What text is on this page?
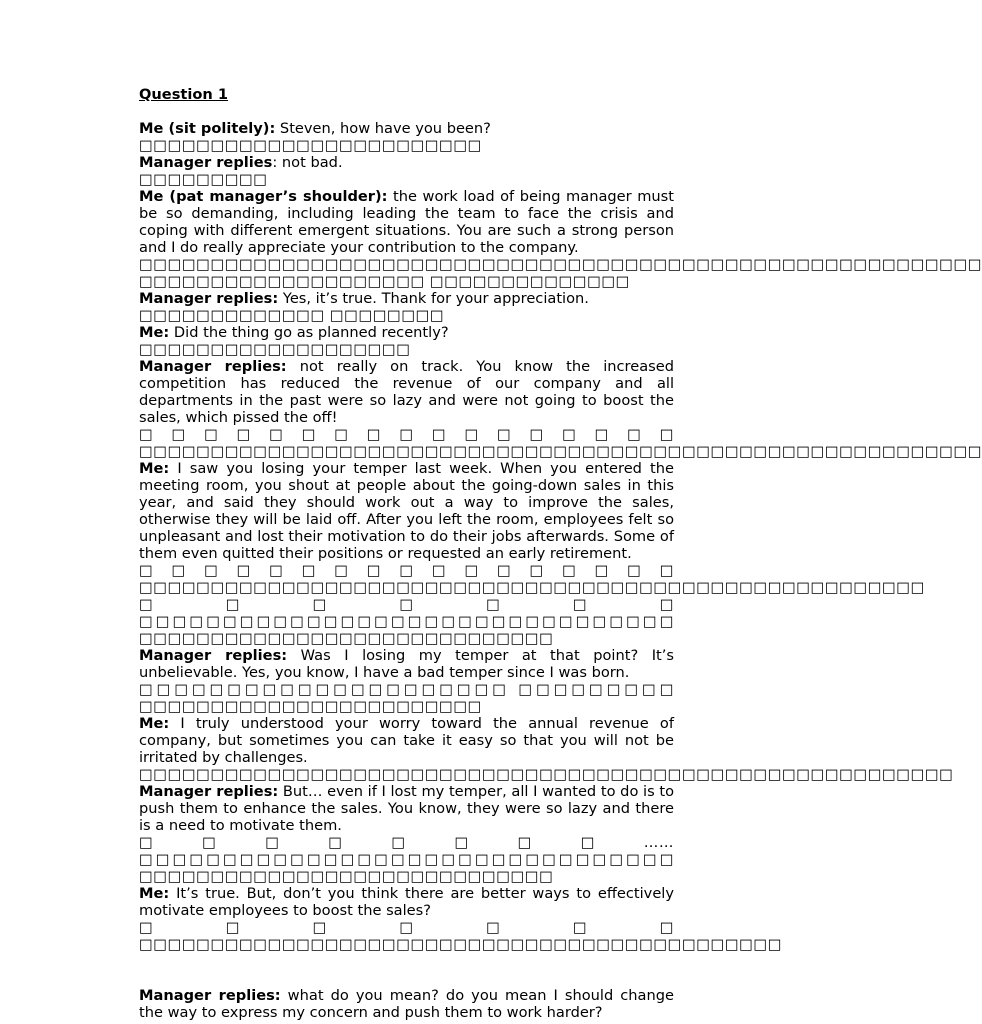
Question 1

Me (sit politely): Steven, how have you been?

□□□□□□□□□□□□□□□□□□□□□□□□

Manager replies: not bad.

□□□□□□□□□

Me (pat manager’s shoulder): the work load of being manager must be so demanding, including leading the team to face the crisis and coping with different emergent situations. You are such a strong person and I do really appreciate your contribution to the company.

□□□□□□□□□□□□□□□□□□□□□□□□□□□□□□□□□□□□□□□□□□□□□□□□□□□□□□□□□□□ □□□□□□□□□□□□□□□□□□□□ □□□□□□□□□□□□□□

Manager replies: Yes, it’s true. Thank for your appreciation.

□□□□□□□□□□□□□ □□□□□□□□

Me: Did the thing go as planned recently?

□□□□□□□□□□□□□□□□□□□

Manager replies: not really on track. You know the increased competition has reduced the revenue of our company and all departments in the past were so lazy and were not going to boost the sales, which pissed the off!

□□□□□□□□□□□□□□□□□ □□□□□□□□□□□□□□□□□□□□□□□□□□□□□□□□□□□□□□□□□□□□□□□□□□□□□□□□□□□

Me: I saw you losing your temper last week. When you entered the meeting room, you shout at people about the going-down sales in this year, and said they should work out a way to improve the sales, otherwise they will be laid off. After you left the room, employees felt so unpleasant and lost their motivation to do their jobs afterwards. Some of them even quitted their positions or requested an early retirement.

□□□□□□□□□□□□□□□□□ □□□□□□□□□□□□□□□□□□□□□□□□□□□□□□□□□□□□□□□□□□□□□□□□□□□□□□□ □□□□□□□ □□□□□□□□□□□□□□□□□□□□□□□□□□□□□□□□ □□□□□□□□□□□□□□□□□□□□□□□□□□□□□

Manager replies: Was I losing my temper at that point? It’s unbelievable. Yes, you know, I have a bad temper since I was born.

□□□□□□□□□□□□□□□□□□□□□ □□□□□□□□□ □□□□□□□□□□□□□□□□□□□□□□□□

Me: I truly understood your worry toward the annual revenue of company, but sometimes you can take it easy so that you will not be irritated by challenges.

□□□□□□□□□□□□□□□□□□□□□□□□□□□□□□□□□□□□□□□□□□□□□□□□□□□□□□□□□

Manager replies: But… even if I lost my temper, all I wanted to do is to push them to enhance the sales. You know, they were so lazy and there is a need to motivate them.

□□□□□□□□……□□□□□□□□□□□□□□□□□□□□□□□□□□□□□□□□ □□□□□□□□□□□□□□□□□□□□□□□□□□□□□

Me: It’s true. But, don’t you think there are better ways to effectively motivate employees to boost the sales?

□□□□□□□ □□□□□□□□□□□□□□□□□□□□□□□□□□□□□□□□□□□□□□□□□□□□□

Manager replies: what do you mean? do you mean I should change the way to express my concern and push them to work harder?
